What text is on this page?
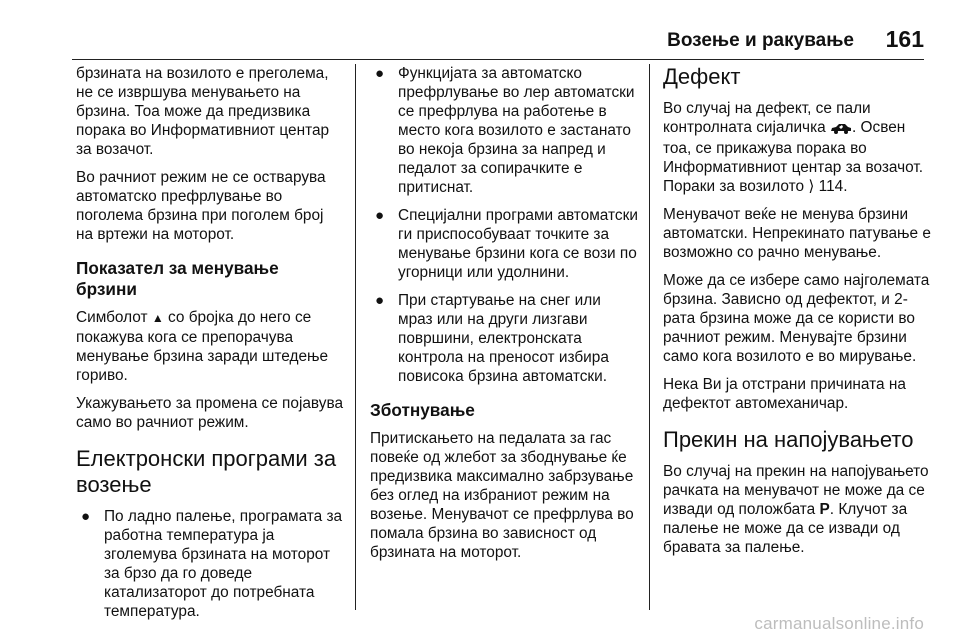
Возење и ракување 161

брзината на возилото е преголема, не се извршува менувањето на брзина. Тоа може да предизвика порака во Информативниот центар за возачот.

Во рачниот режим не се остварува автоматско префрлување во поголема брзина при поголем број на вртежи на моторот.

Показател за менување брзини

Симболот ▲ со бројка до него се покажува кога се препорачува менување брзина заради штедење гориво.

Укажувањето за промена се појавува само во рачниот режим.

Електронски програми за возење
● По ладно палење, програмата за работна температура ја зголемува брзината на моторот за брзо да го доведе катализаторот до потребната температура.
● Функцијата за автоматско префрлување во лер автоматски се префрлува на работење в место кога возилото е застанато во некоја брзина за напред и педалот за сопирачките е притиснат.
● Специјални програми автоматски ги приспособуваат точките за менување брзини кога се вози по угорници или удолнини.
● При стартување на снег или мраз или на други лизгави површини, електронската контрола на преносот избира повисока брзина автоматски.
Зботнување

Притискањето на педалата за гас повеќе од жлебот за збоднување ќе предизвика максимално забрзување без оглед на избраниот режим на возење. Менувачот се префрлува во помала брзина во зависност од брзината на моторот.

Дефект

Во случај на дефект, се пали контролната сијаличка . Освен тоа, се прикажува порака во Информативниот центар за возачот. Пораки за возилото ⟩ 114.

Менувачот веќе не менува брзини автоматски. Непрекинато патување е возможно со рачно менување.

Може да се избере само најголемата брзина. Зависно од дефектот, и 2-рата брзина може да се користи во рачниот режим. Менувајте брзини само кога возилото е во мирување.

Нека Ви ја отстрани причината на дефектот автомеханичар.

Прекин на напојувањето

Во случај на прекин на напојувањето рачката на менувачот не може да се извади од положбата P. Клучот за палење не може да се извади од бравата за палење.

carmanualsonline.info
